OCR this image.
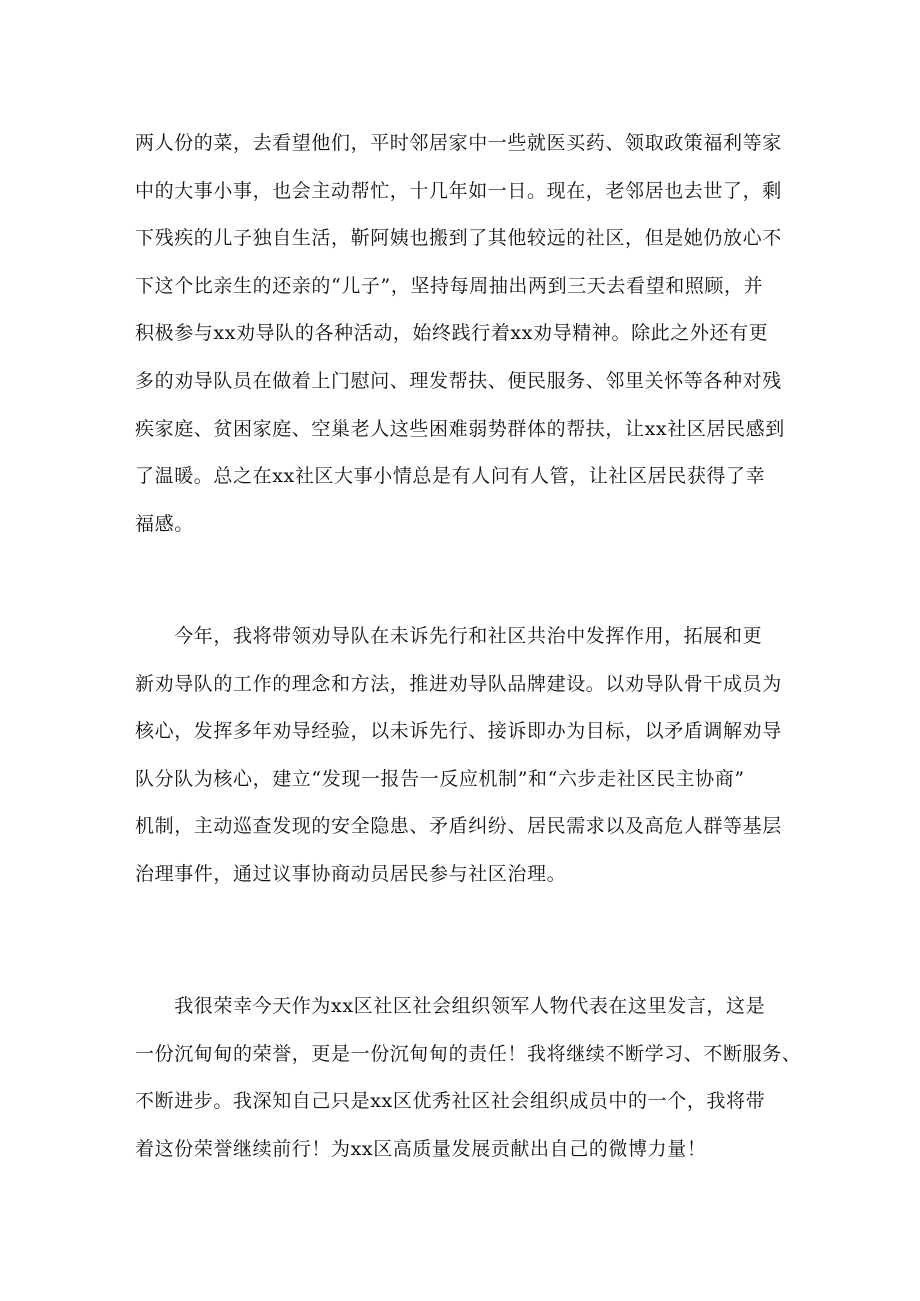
两人份的菜，去看望他们，平时邻居家中一些就医买药、领取政策福利等家
中的大事小事，也会主动帮忙，十几年如一日。现在，老邻居也去世了，剩
下残疾的儿子独自生活，靳阿姨也搬到了其他较远的社区，但是她仍放心不
下这个比亲生的还亲的“儿子”，坚持每周抽出两到三天去看望和照顾，并
积极参与xx劝导队的各种活动，始终践行着xx劝导精神。除此之外还有更
多的劝导队员在做着上门慰问、理发帮扶、便民服务、邻里关怀等各种对残
疾家庭、贫困家庭、空巢老人这些困难弱势群体的帮扶，让xx社区居民感到
了温暖。总之在xx社区大事小情总是有人问有人管，让社区居民获得了幸
福感。
　　今年，我将带领劝导队在未诉先行和社区共治中发挥作用，拓展和更
新劝导队的工作的理念和方法，推进劝导队品牌建设。以劝导队骨干成员为
核心，发挥多年劝导经验，以未诉先行、接诉即办为目标，以矛盾调解劝导
队分队为核心，建立“发现一报告一反应机制”和“六步走社区民主协商”
机制，主动巡查发现的安全隐患、矛盾纠纷、居民需求以及高危人群等基层
治理事件，通过议事协商动员居民参与社区治理。
　　我很荣幸今天作为xx区社区社会组织领军人物代表在这里发言，这是
一份沉甸甸的荣誉，更是一份沉甸甸的责任！我将继续不断学习、不断服务、
不断进步。我深知自己只是xx区优秀社区社会组织成员中的一个，我将带
着这份荣誉继续前行！为xx区高质量发展贡献出自己的微博力量！
